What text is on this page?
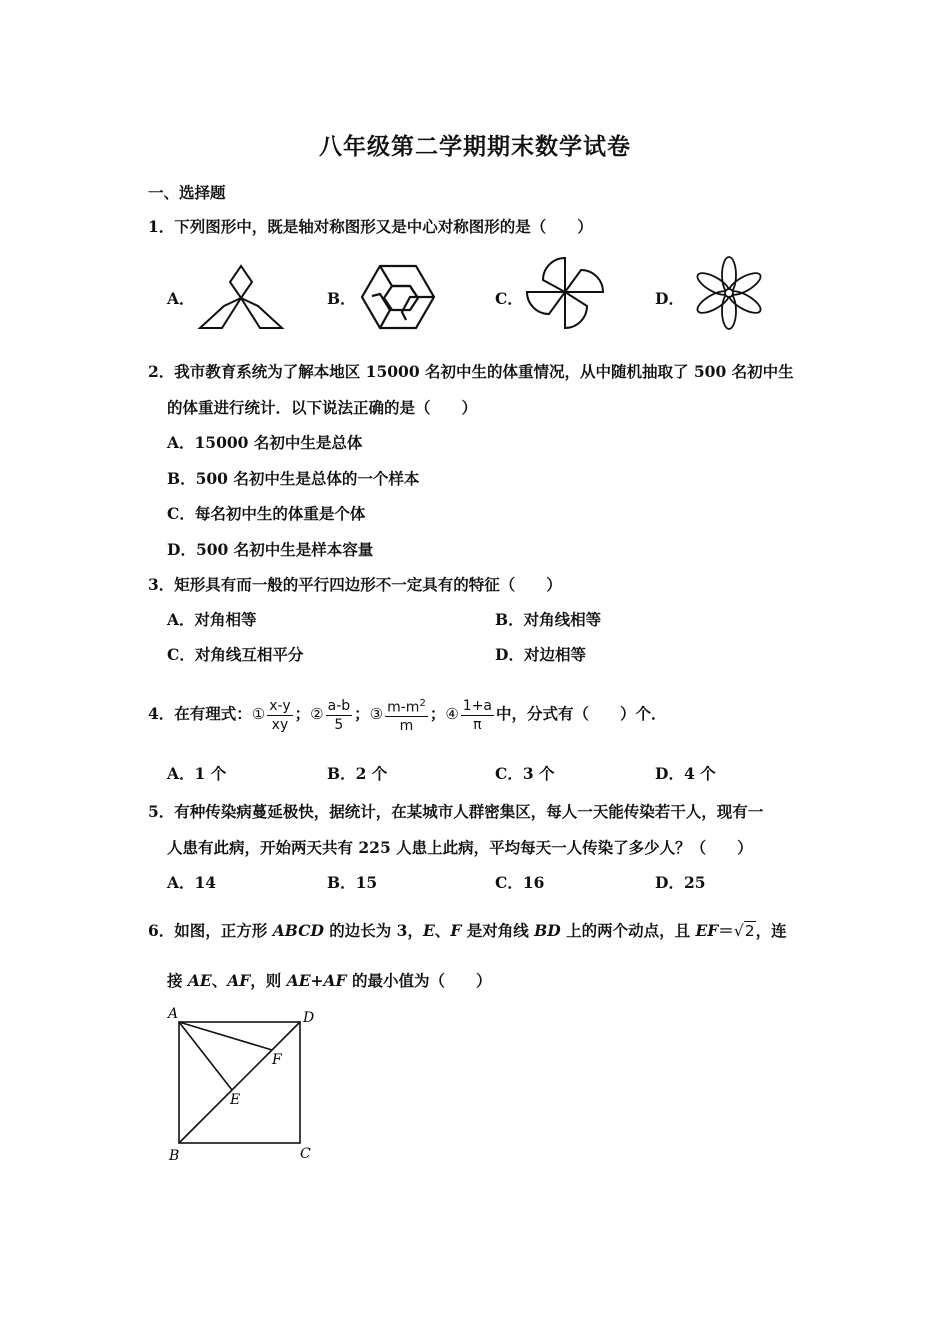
八年级第二学期期末数学试卷
一、选择题
1．下列图形中，既是轴对称图形又是中心对称图形的是（　　）
A．	B．	C．	D．
2．我市教育系统为了解本地区 15000 名初中生的体重情况，从中随机抽取了 500 名初中生
的体重进行统计．以下说法正确的是（　　）
A．15000 名初中生是总体
B．500 名初中生是总体的一个样本
C．每名初中生的体重是个体
D．500 名初中生是样本容量
3．矩形具有而一般的平行四边形不一定具有的特征（　　）
A．对角相等	B．对角线相等
C．对角线互相平分	D．对边相等
4．在有理式：① $\frac{x-y}{xy}$ ；② $\frac{a-b}{5}$ ；③ $\frac{m-m^2}{m}$ ；④ $\frac{1+a}{\pi}$ 中，分式有（　　）个．
A．1 个	B．2 个	C．3 个	D．4 个
5．有种传染病蔓延极快，据统计，在某城市人群密集区，每人一天能传染若干人，现有一
人患有此病，开始两天共有 225 人患上此病，平均每天一人传染了多少人？（　　）
A．14	B．15	C．16	D．25
6．如图，正方形 ABCD 的边长为 3，E、F 是对角线 BD 上的两个动点，且 EF＝√2，连
接 AE、AF，则 AE+AF 的最小值为（　　）
A	D
F
E
B	C
